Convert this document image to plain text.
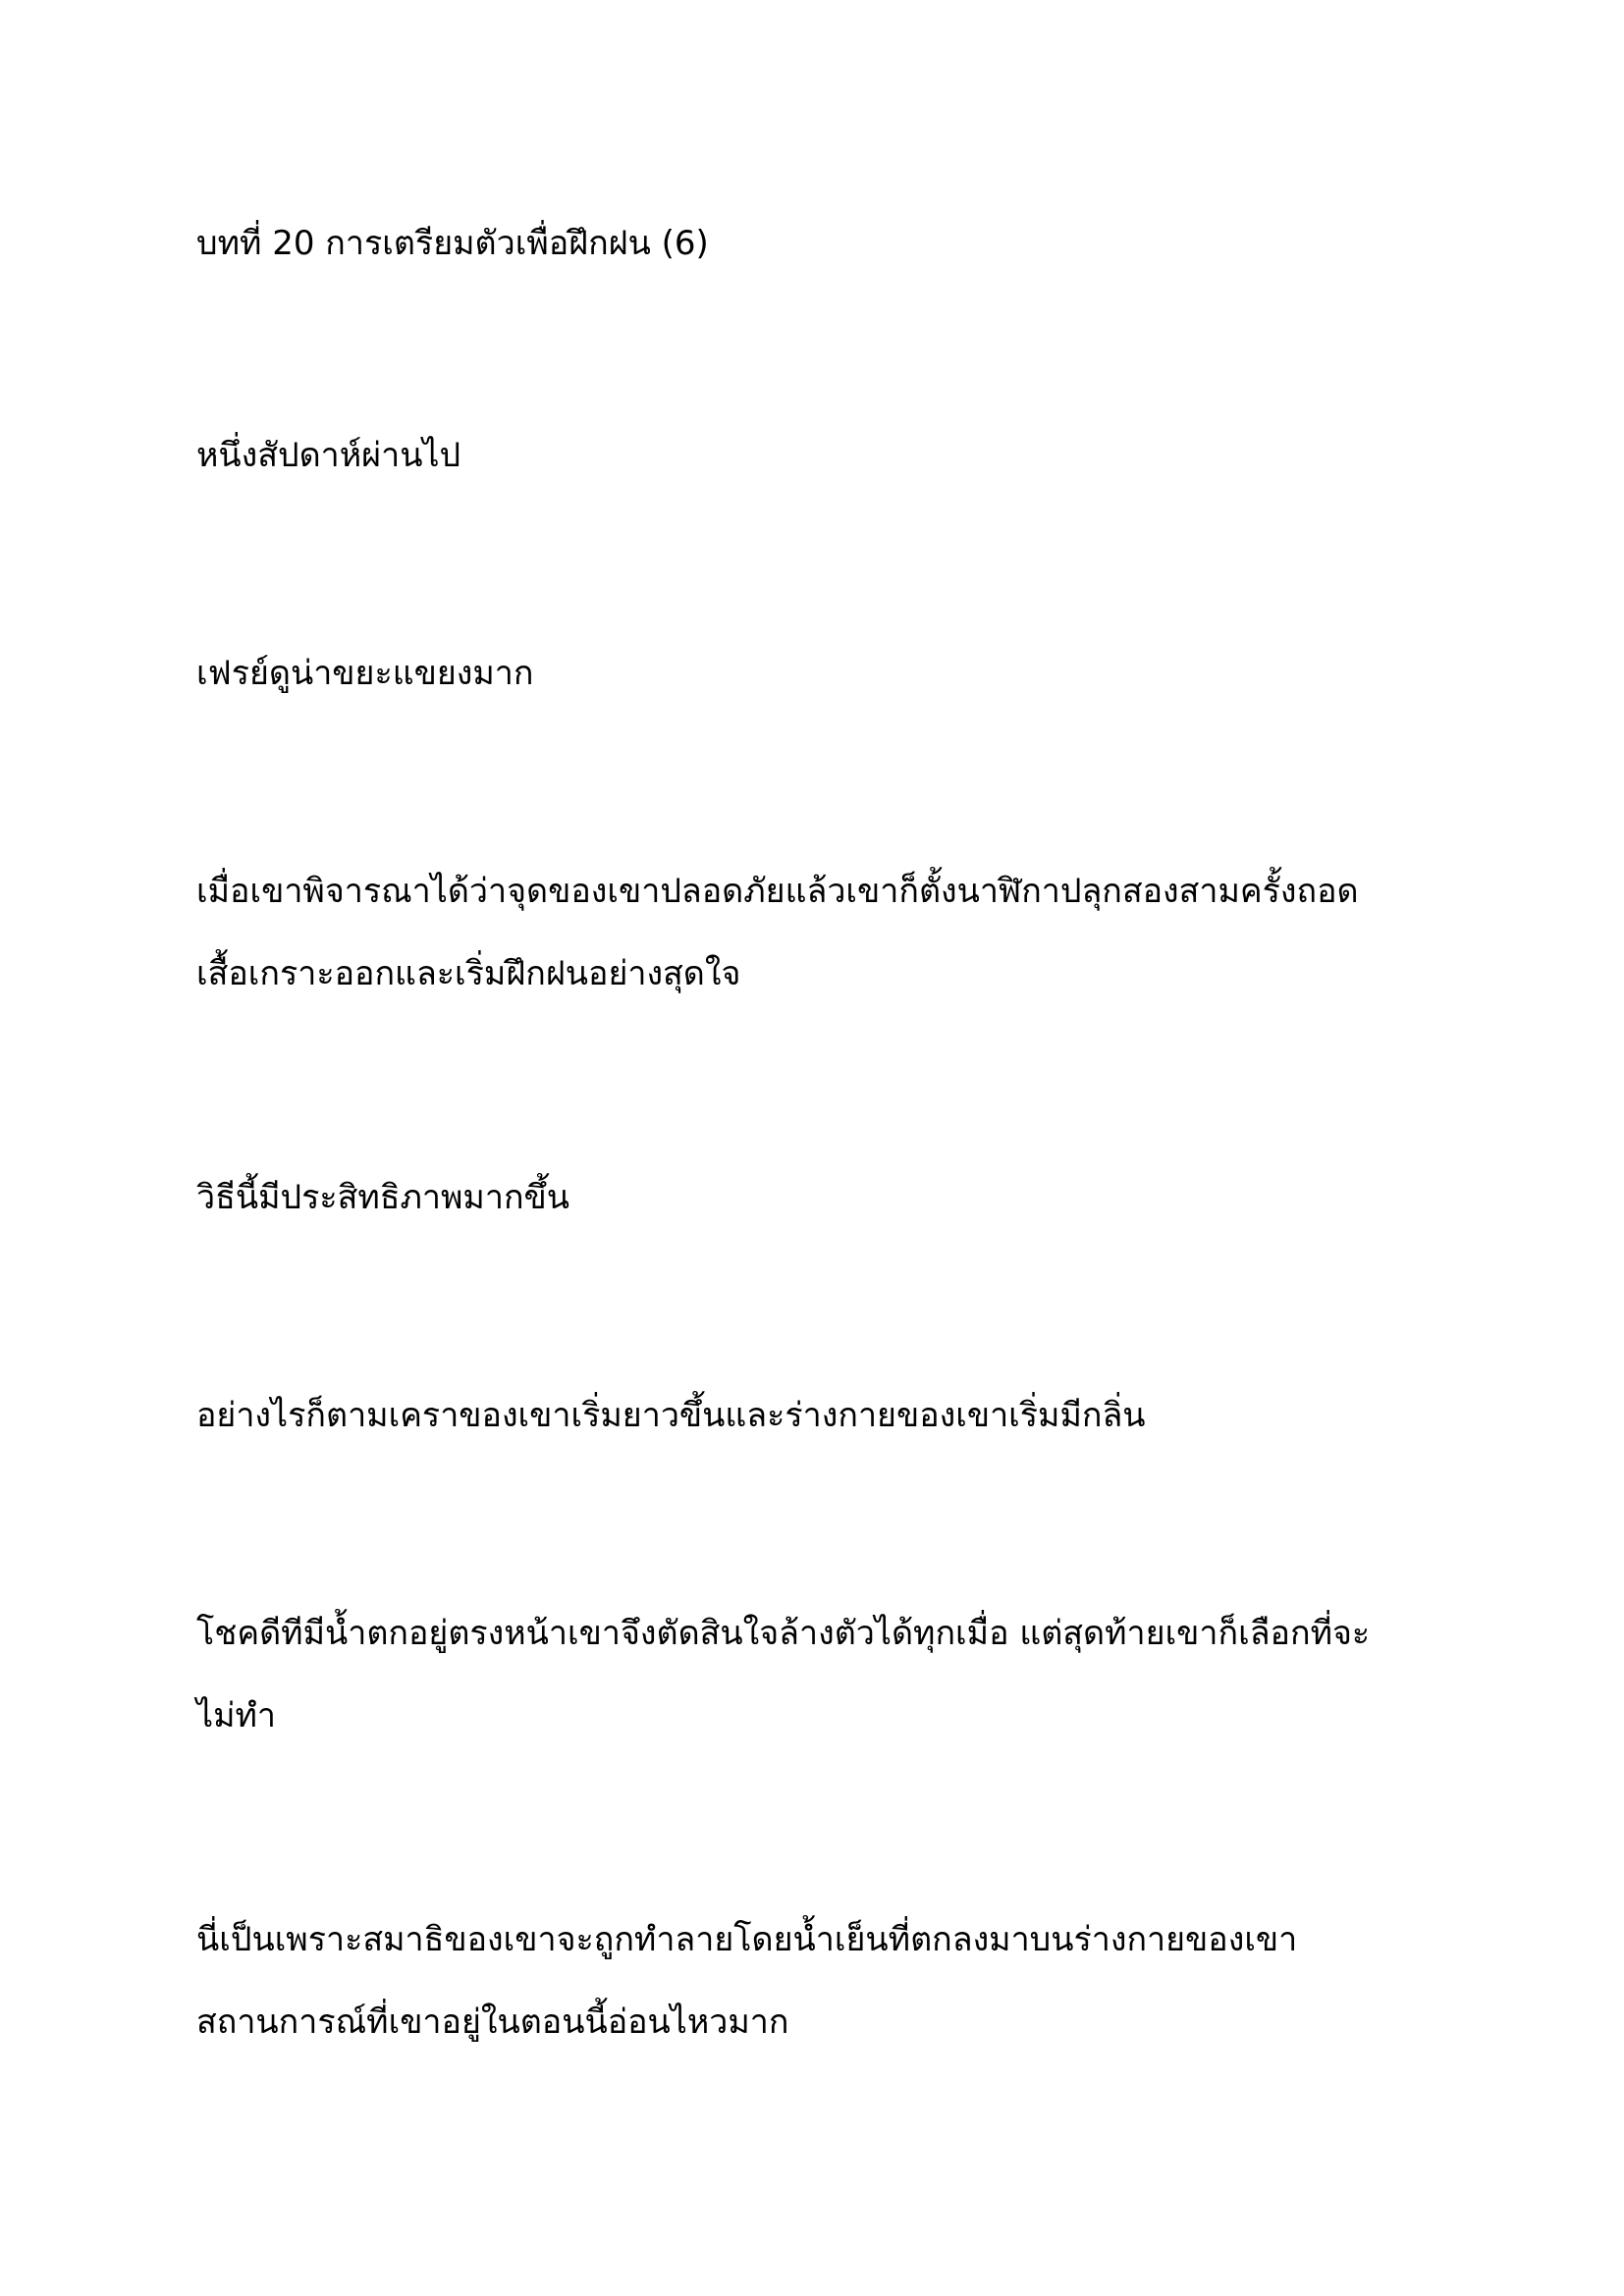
บทที่ 20 การเตรียมตัวเพื่อฝึกฝน (6)

หนึ่งสัปดาห์ผ่านไป

เฟรย์ดูน่าขยะแขยงมาก

เมื่อเขาพิจารณาได้ว่าจุดของเขาปลอดภัยแล้วเขาก็ตั้งนาฬิกาปลุกสองสามครั้งถอด
เสื้อเกราะออกและเริ่มฝึกฝนอย่างสุดใจ

วิธีนี้มีประสิทธิภาพมากขึ้น

อย่างไรก็ตามเคราของเขาเริ่มยาวขึ้นและร่างกายของเขาเริ่มมีกลิ่น

โชคดีทีมีน้ำตกอยู่ตรงหน้าเขาจึงตัดสินใจล้างตัวได้ทุกเมื่อ แต่สุดท้ายเขาก็เลือกที่จะ
ไม่ทำ

นี่เป็นเพราะสมาธิของเขาจะถูกทำลายโดยน้ำเย็นที่ตกลงมาบนร่างกายของเขา
สถานการณ์ที่เขาอยู่ในตอนนี้อ่อนไหวมาก
